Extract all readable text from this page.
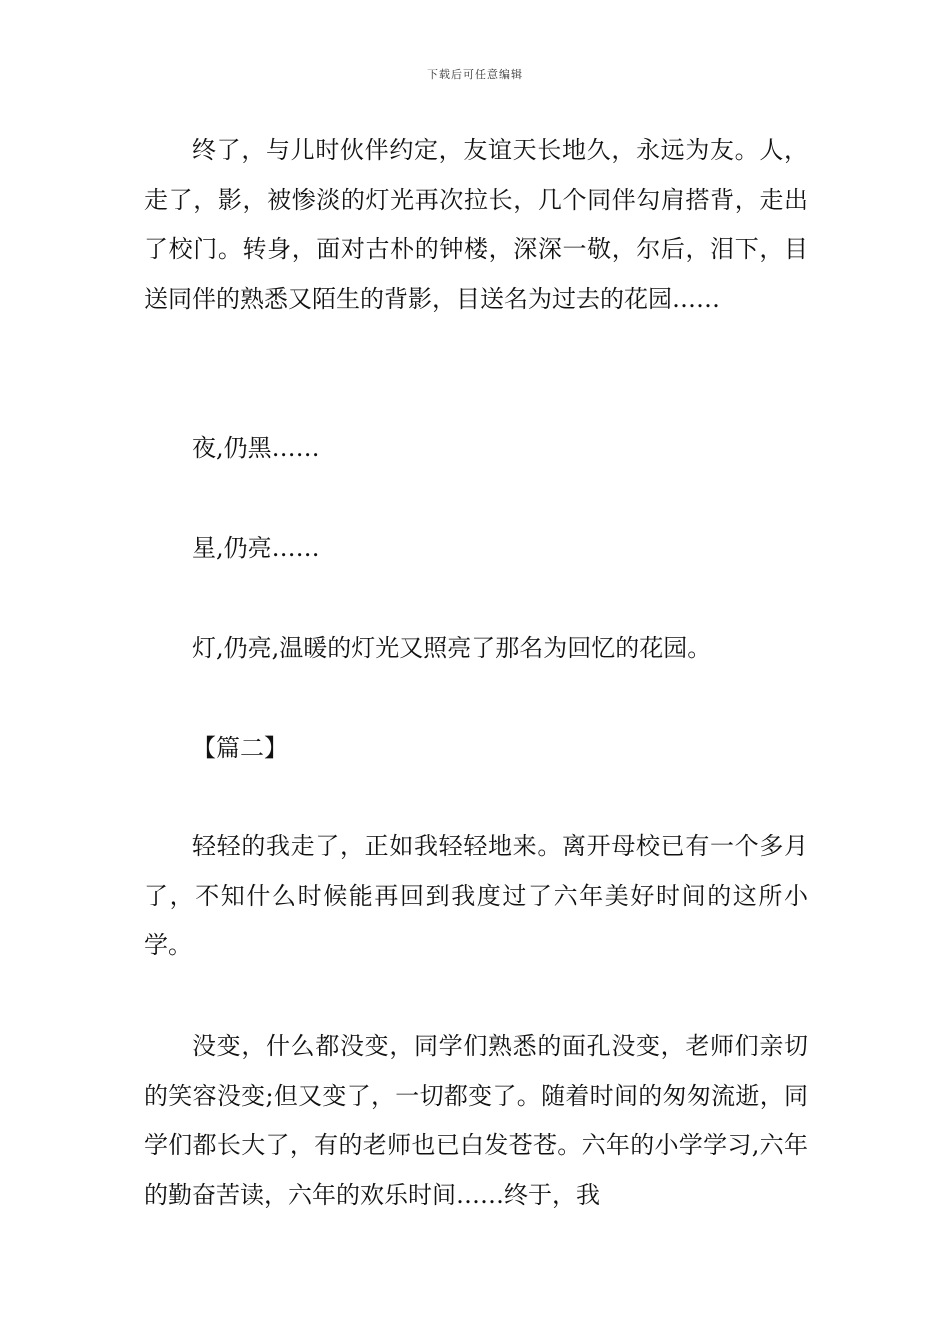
下载后可任意编辑

终了，与儿时伙伴约定，友谊天长地久，永远为友。人，走了，影，被惨淡的灯光再次拉长，几个同伴勾肩搭背，走出了校门。转身，面对古朴的钟楼，深深一敬，尔后，泪下，目送同伴的熟悉又陌生的背影，目送名为过去的花园……

夜,仍黑……

星,仍亮……

灯,仍亮,温暖的灯光又照亮了那名为回忆的花园。

【篇二】

轻轻的我走了，正如我轻轻地来。离开母校已有一个多月了，不知什么时候能再回到我度过了六年美好时间的这所小学。

没变，什么都没变，同学们熟悉的面孔没变，老师们亲切的笑容没变;但又变了，一切都变了。随着时间的匆匆流逝，同学们都长大了，有的老师也已白发苍苍。六年的小学学习,六年的勤奋苦读，六年的欢乐时间……终于，我
